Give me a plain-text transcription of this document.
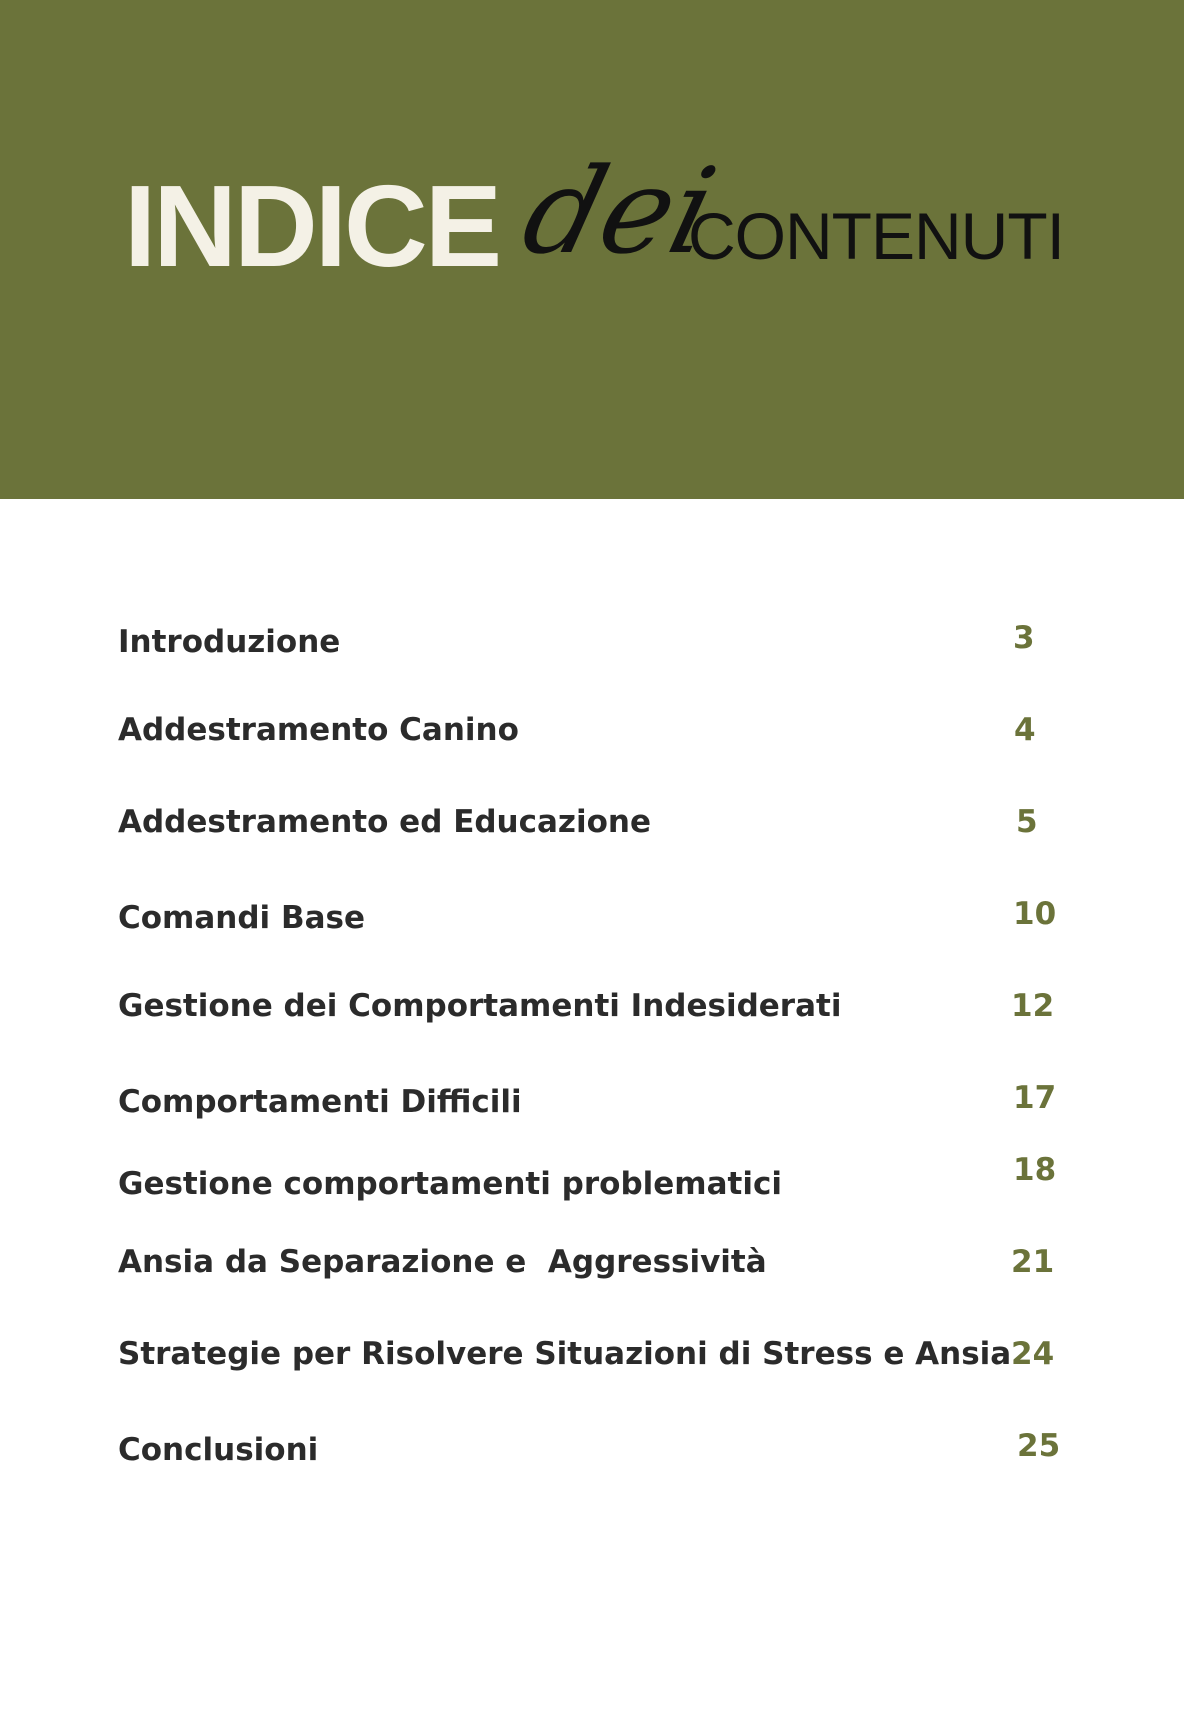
INDICE dei
CONTENUTI
Introduzione	3
Addestramento Canino	4
Addestramento ed Educazione	5
Comandi Base	10
Gestione dei Comportamenti Indesiderati	12
Comportamenti Difficili	17
Gestione comportamenti problematici	18
Ansia da Separazione e  Aggressività	21
Strategie per Risolvere Situazioni di Stress e Ansia 24
Conclusioni	25
